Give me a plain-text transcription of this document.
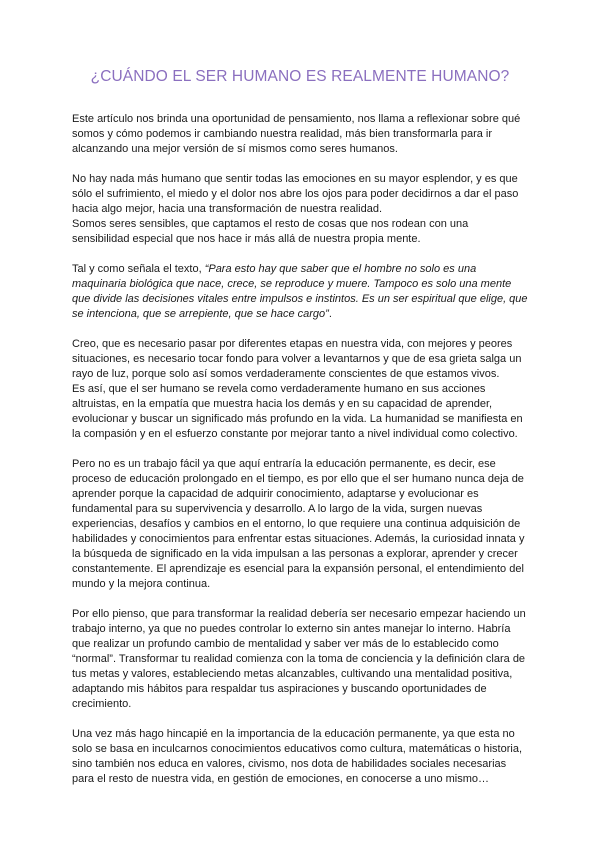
¿CUÁNDO EL SER HUMANO ES REALMENTE HUMANO?

Este artículo nos brinda una oportunidad de pensamiento, nos llama a reflexionar sobre qué somos y cómo podemos ir cambiando nuestra realidad, más bien transformarla para ir alcanzando una mejor versión de sí mismos como seres humanos.

No hay nada más humano que sentir todas las emociones en su mayor esplendor, y es que sólo el sufrimiento, el miedo y el dolor nos abre los ojos para poder decidirnos a dar el paso hacia algo mejor, hacia una transformación de nuestra realidad.
Somos seres sensibles, que captamos el resto de cosas que nos rodean con una sensibilidad especial que nos hace ir más allá de nuestra propia mente.

Tal y como señala el texto, “Para esto hay que saber que el hombre no solo es una maquinaria biológica que nace, crece, se reproduce y muere. Tampoco es solo una mente que divide las decisiones vitales entre impulsos e instintos. Es un ser espiritual que elige, que se intenciona, que se arrepiente, que se hace cargo”.

Creo, que es necesario pasar por diferentes etapas en nuestra vida, con mejores y peores situaciones, es necesario tocar fondo para volver a levantarnos y que de esa grieta salga un rayo de luz, porque solo así somos verdaderamente conscientes de que estamos vivos.
Es así, que el ser humano se revela como verdaderamente humano en sus acciones altruistas, en la empatía que muestra hacia los demás y en su capacidad de aprender, evolucionar y buscar un significado más profundo en la vida. La humanidad se manifiesta en la compasión y en el esfuerzo constante por mejorar tanto a nivel individual como colectivo.

Pero no es un trabajo fácil ya que aquí entraría la educación permanente, es decir, ese proceso de educación prolongado en el tiempo, es por ello que el ser humano nunca deja de aprender porque la capacidad de adquirir conocimiento, adaptarse y evolucionar es fundamental para su supervivencia y desarrollo. A lo largo de la vida, surgen nuevas experiencias, desafíos y cambios en el entorno, lo que requiere una continua adquisición de habilidades y conocimientos para enfrentar estas situaciones. Además, la curiosidad innata y la búsqueda de significado en la vida impulsan a las personas a explorar, aprender y crecer constantemente. El aprendizaje es esencial para la expansión personal, el entendimiento del mundo y la mejora continua.

Por ello pienso, que para transformar la realidad debería ser necesario empezar haciendo un trabajo interno, ya que no puedes controlar lo externo sin antes manejar lo interno. Habría que realizar un profundo cambio de mentalidad y saber ver más de lo establecido como “normal”. Transformar tu realidad comienza con la toma de conciencia y la definición clara de tus metas y valores, estableciendo metas alcanzables, cultivando una mentalidad positiva, adaptando mis hábitos para respaldar tus aspiraciones y buscando oportunidades de crecimiento.

Una vez más hago hincapié en la importancia de la educación permanente, ya que esta no solo se basa en inculcarnos conocimientos educativos como cultura, matemáticas o historia, sino también nos educa en valores, civismo, nos dota de habilidades sociales necesarias para el resto de nuestra vida, en gestión de emociones, en conocerse a uno mismo…
